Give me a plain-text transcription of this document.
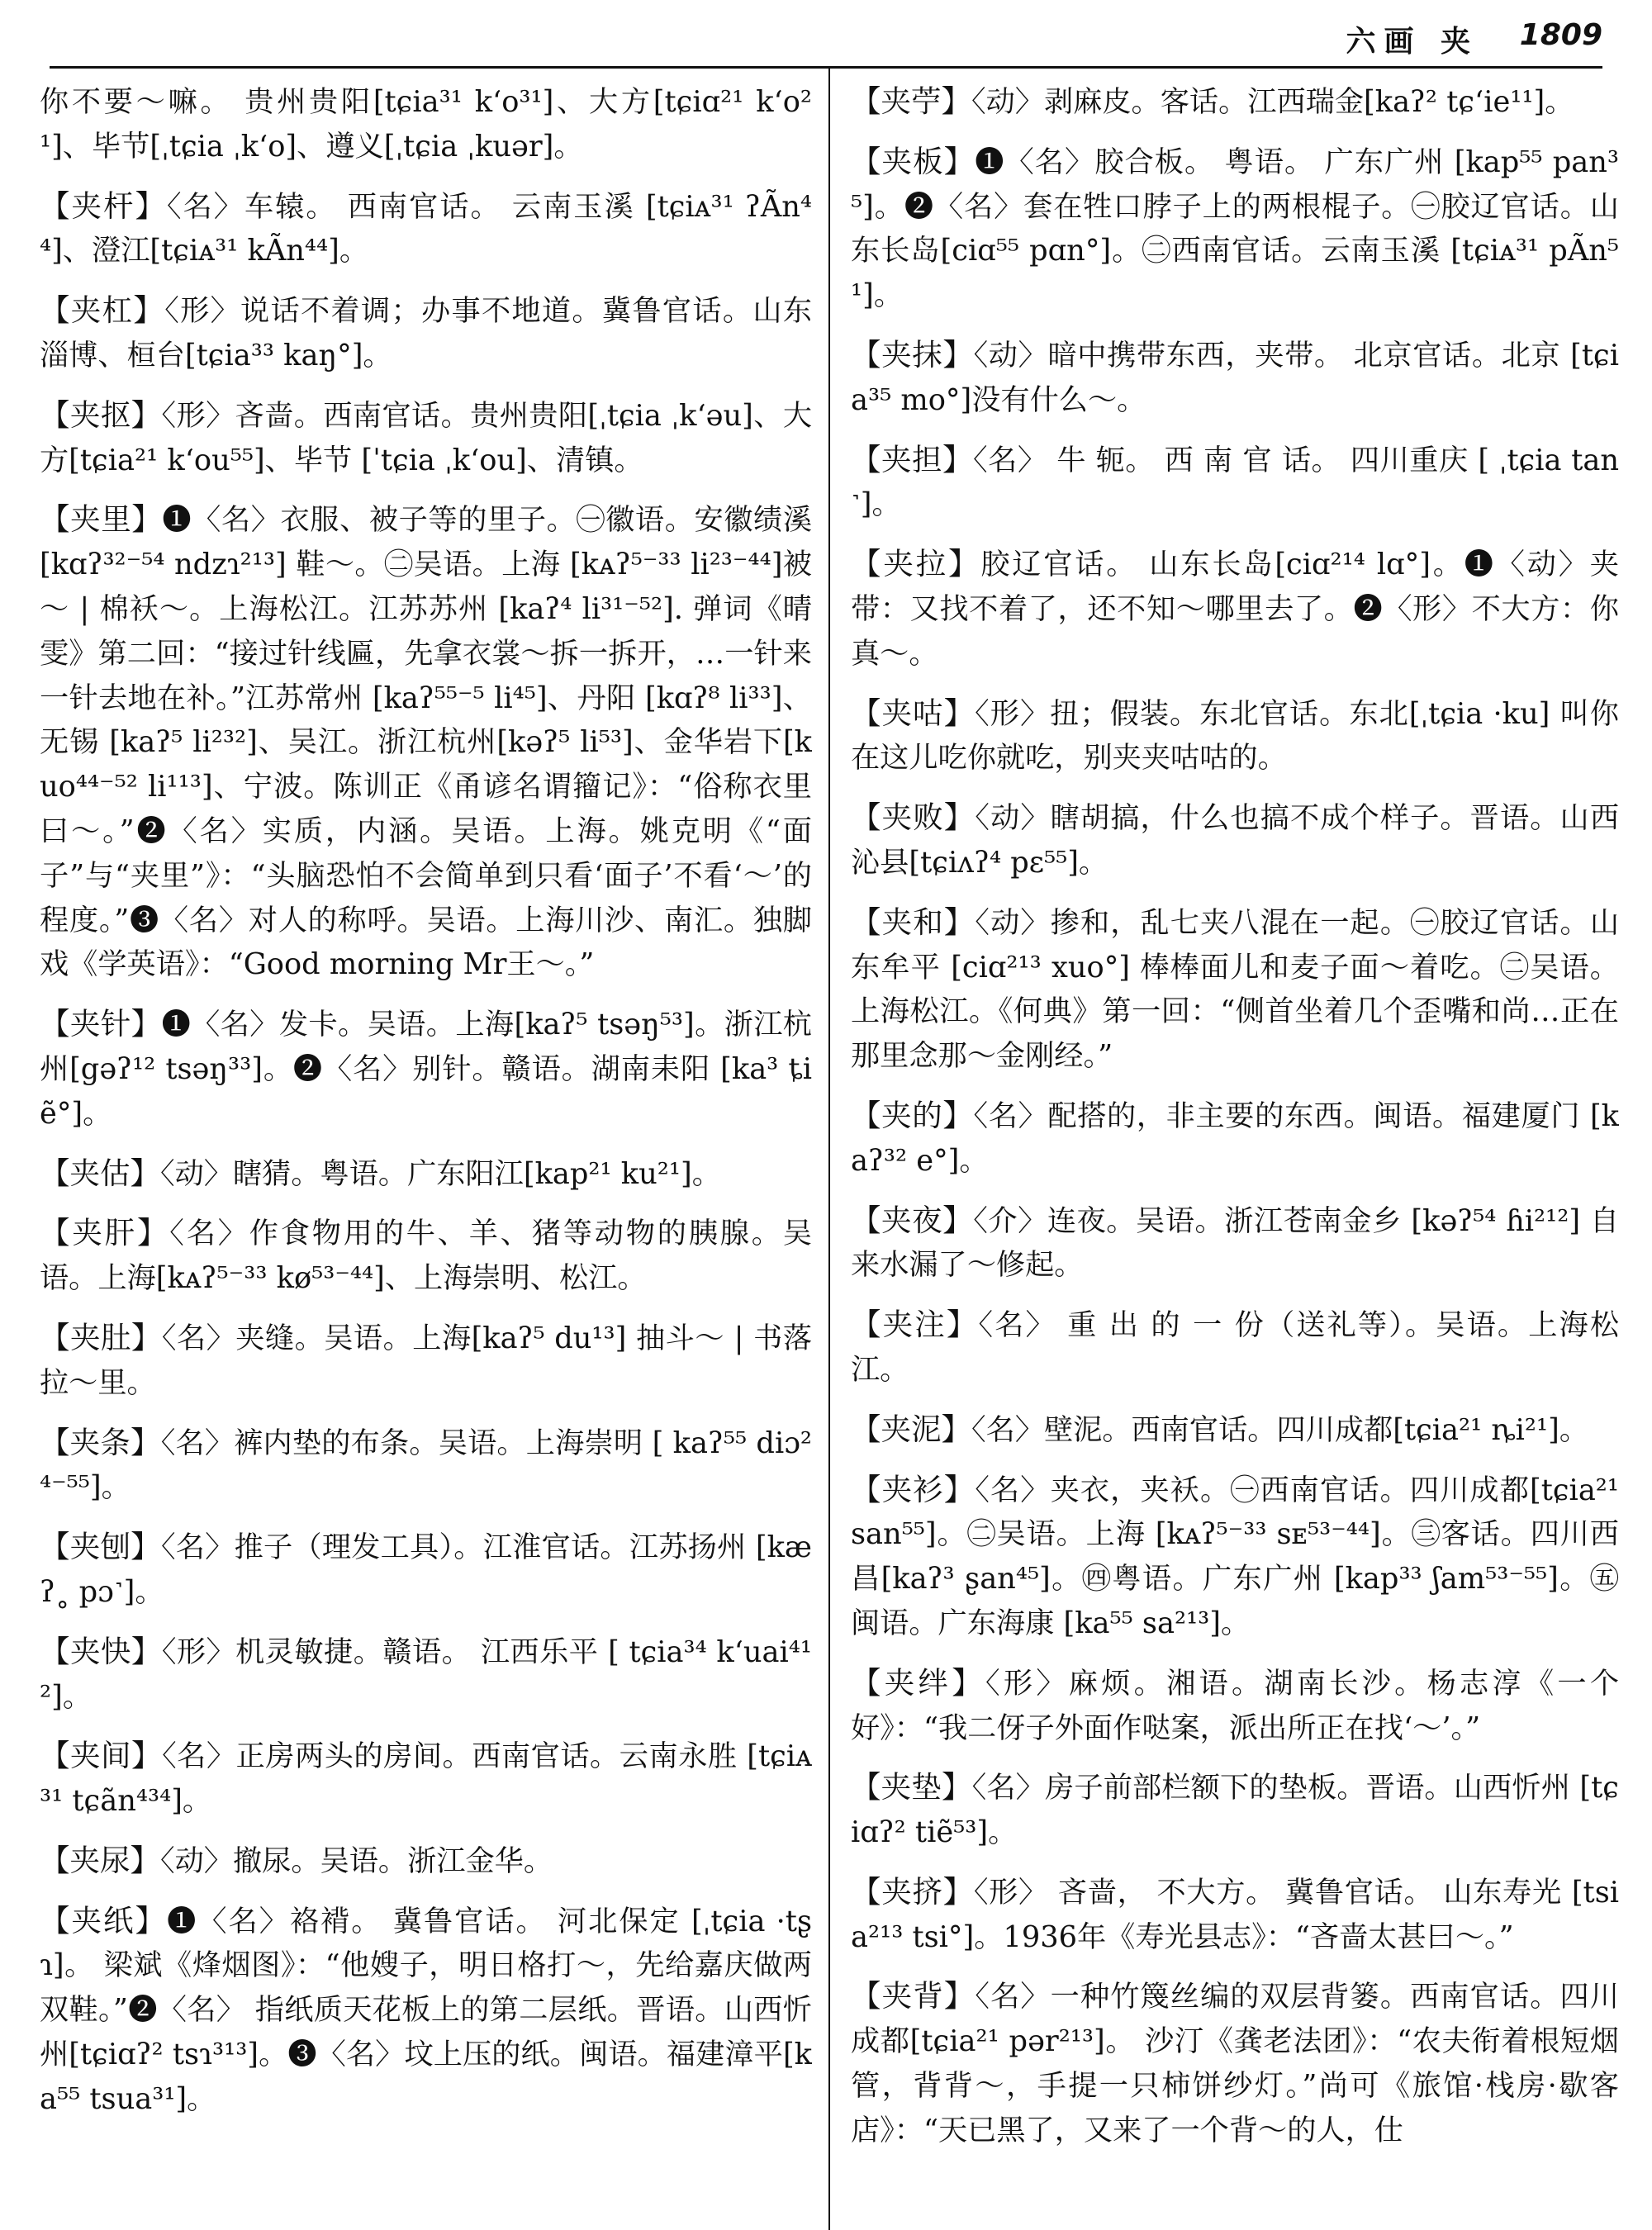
六画 夹 1809

你不要～嘛。 贵州贵阳[tɕia³¹ k‘o³¹]、大方[tɕiɑ²¹ k‘o²¹]、毕节[ˌtɕia ˌk‘o]、遵义[ˌtɕia ˌkuər]。

【夹杆】〈名〉车辕。 西南官话。 云南玉溪 [tɕiᴀ³¹ ʔÃn⁴⁴]、澄江[tɕiᴀ³¹ kÃn⁴⁴]。

【夹杠】〈形〉说话不着调；办事不地道。冀鲁官话。山东淄博、桓台[tɕia³³ kaŋ°]。

【夹抠】〈形〉吝啬。西南官话。贵州贵阳[ˌtɕia ˌk‘əu]、大方[tɕia²¹ k‘ou⁵⁵]、毕节 [ˈtɕia ˌk‘ou]、清镇。

【夹里】❶〈名〉衣服、被子等的里子。㊀徽语。安徽绩溪 [kɑʔ³²⁻⁵⁴ ndzɿ²¹³] 鞋～。㊁吴语。上海 [kᴀʔ⁵⁻³³ li²³⁻⁴⁴]被～ | 棉袄～。上海松江。江苏苏州 [kaʔ⁴ li³¹⁻⁵²]. 弹词《晴雯》第二回：“接过针线匾，先拿衣裳～拆一拆开，…一针来一针去地在补。”江苏常州 [kaʔ⁵⁵⁻⁵ li⁴⁵]、丹阳 [kɑʔ⁸ li³³]、无锡 [kaʔ⁵ li²³²]、吴江。浙江杭州[kəʔ⁵ li⁵³]、金华岩下[kuo⁴⁴⁻⁵² li¹¹³]、宁波。陈训正《甬谚名谓籀记》：“俗称衣里曰～。”❷〈名〉实质，内涵。吴语。上海。姚克明《“面子”与“夹里”》：“头脑恐怕不会简单到只看‘面子’不看‘～’的程度。”❸〈名〉对人的称呼。吴语。上海川沙、南汇。独脚戏《学英语》：“Good morning Mr王～。”

【夹针】❶〈名〉发卡。吴语。上海[kaʔ⁵ tsəŋ⁵³]。浙江杭州[gəʔ¹² tsəŋ³³]。❷〈名〉别针。赣语。湖南耒阳 [ka³ ȶiẽ°]。

【夹估】〈动〉瞎猜。粤语。广东阳江[kap²¹ ku²¹]。

【夹肝】〈名〉作食物用的牛、羊、猪等动物的胰腺。吴语。上海[kᴀʔ⁵⁻³³ kø⁵³⁻⁴⁴]、上海崇明、松江。

【夹肚】〈名〉夹缝。吴语。上海[kaʔ⁵ du¹³] 抽斗～ | 书落拉～里。

【夹条】〈名〉裤内垫的布条。吴语。上海崇明 [ kaʔ⁵⁵ diɔ²⁴⁻⁵⁵]。

【夹刨】〈名〉推子（理发工具）。江淮官话。江苏扬州 [kæʔ˳ pɔ˺]。

【夹快】〈形〉机灵敏捷。赣语。 江西乐平 [ tɕia³⁴ k‘uai⁴¹²]。

【夹间】〈名〉正房两头的房间。西南官话。云南永胜 [tɕiᴀ³¹ tɕãn⁴³⁴]。

【夹尿】〈动〉撤尿。吴语。浙江金华。

【夹纸】❶〈名〉袼褙。 冀鲁官话。 河北保定 [ˌtɕia ·tʂɿ]。 梁斌《烽烟图》：“他嫂子，明日格打～，先给嘉庆做两双鞋。”❷〈名〉 指纸质天花板上的第二层纸。晋语。山西忻州[tɕiɑʔ² tsɿ³¹³]。❸〈名〉坟上压的纸。闽语。福建漳平[ka⁵⁵ tsua³¹]。

【夹苧】〈动〉剥麻皮。客话。江西瑞金[kaʔ² tɕ‘ie¹¹]。

【夹板】❶〈名〉胶合板。 粤语。 广东广州 [kap⁵⁵ pan³⁵]。❷〈名〉套在牲口脖子上的两根棍子。㊀胶辽官话。山东长岛[ciɑ⁵⁵ pɑn°]。㊁西南官话。云南玉溪 [tɕiᴀ³¹ pÃn⁵¹]。

【夹抹】〈动〉暗中携带东西，夹带。 北京官话。北京 [tɕia³⁵ mo°]没有什么～。

【夹担】〈名〉 牛 轭。 西 南 官 话。 四川重庆 [ ˌtɕia tan˺]。

【夹拉】胶辽官话。 山东长岛[ciɑ²¹⁴ lɑ°]。❶〈动〉夹带：又找不着了，还不知～哪里去了。❷〈形〉不大方：你真～。

【夹咕】〈形〉扭；假装。东北官话。东北[ˌtɕia ·ku] 叫你在这儿吃你就吃，别夹夹咕咕的。

【夹败】〈动〉瞎胡搞，什么也搞不成个样子。晋语。山西沁县[tɕiʌʔ⁴ pɛ⁵⁵]。

【夹和】〈动〉掺和，乱七夹八混在一起。㊀胶辽官话。山东牟平 [ciɑ²¹³ xuo°] 棒棒面儿和麦子面～着吃。㊁吴语。上海松江。《何典》第一回：“侧首坐着几个歪嘴和尚…正在那里念那～金刚经。”

【夹的】〈名〉配搭的，非主要的东西。闽语。福建厦门 [kaʔ³² e°]。

【夹夜】〈介〉连夜。吴语。浙江苍南金乡 [kəʔ⁵⁴ ɦi²¹²] 自来水漏了～修起。

【夹注】〈名〉 重 出 的 一 份（送礼等）。吴语。上海松江。

【夹泥】〈名〉壁泥。西南官话。四川成都[tɕia²¹ ȵi²¹]。

【夹衫】〈名〉夹衣，夹袄。㊀西南官话。四川成都[tɕia²¹ san⁵⁵]。㊁吴语。上海 [kᴀʔ⁵⁻³³ sᴇ⁵³⁻⁴⁴]。㊂客话。四川西昌[kaʔ³ ʂan⁴⁵]。㊃粤语。广东广州 [kap³³ ʃam⁵³⁻⁵⁵]。㊄闽语。广东海康 [ka⁵⁵ sa²¹³]。

【夹绊】〈形〉麻烦。湘语。湖南长沙。杨志淳《一个好》：“我二伢子外面作哒案，派出所正在找‘～’。”

【夹垫】〈名〉房子前部栏额下的垫板。晋语。山西忻州 [tɕiɑʔ² tiẽ⁵³]。

【夹挤】〈形〉 吝啬， 不大方。 冀鲁官话。 山东寿光 [tsia²¹³ tsi°]。1936年《寿光县志》：“吝啬太甚曰～。”

【夹背】〈名〉一种竹篾丝编的双层背篓。西南官话。四川成都[tɕia²¹ pər²¹³]。 沙汀《龚老法团》：“农夫衔着根短烟管，背背～，手提一只柿饼纱灯。”尚可《旅馆·栈房·歇客店》：“天已黑了，又来了一个背～的人，仕
